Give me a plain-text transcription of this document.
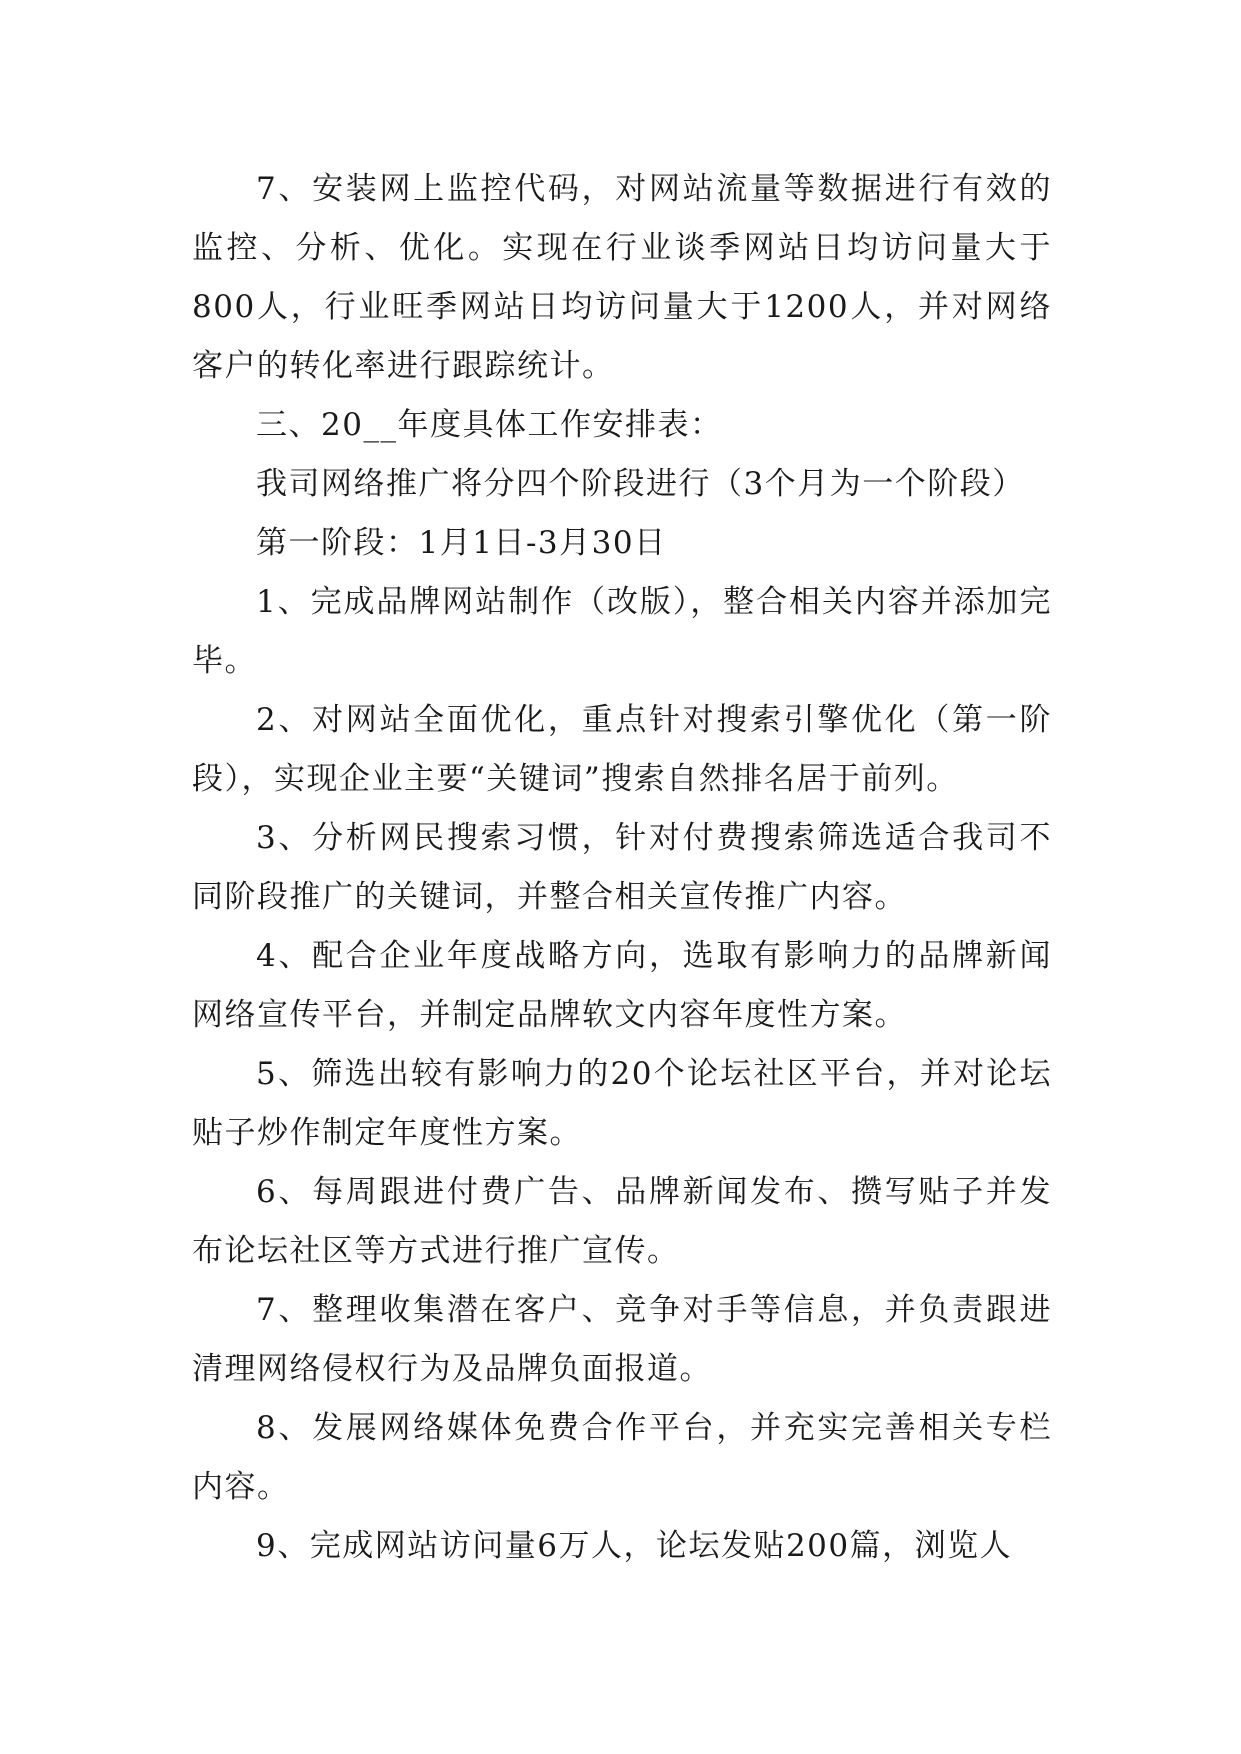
7、安装网上监控代码，对网站流量等数据进行有效的监控、分析、优化。实现在行业谈季网站日均访问量大于800人，行业旺季网站日均访问量大于1200人，并对网络客户的转化率进行跟踪统计。

三、20__年度具体工作安排表：

我司网络推广将分四个阶段进行（3个月为一个阶段）

第一阶段：1月1日-3月30日

1、完成品牌网站制作（改版），整合相关内容并添加完毕。

2、对网站全面优化，重点针对搜索引擎优化（第一阶段），实现企业主要“关键词”搜索自然排名居于前列。

3、分析网民搜索习惯，针对付费搜索筛选适合我司不同阶段推广的关键词，并整合相关宣传推广内容。

4、配合企业年度战略方向，选取有影响力的品牌新闻网络宣传平台，并制定品牌软文内容年度性方案。

5、筛选出较有影响力的20个论坛社区平台，并对论坛贴子炒作制定年度性方案。

6、每周跟进付费广告、品牌新闻发布、攒写贴子并发布论坛社区等方式进行推广宣传。

7、整理收集潜在客户、竞争对手等信息，并负责跟进清理网络侵权行为及品牌负面报道。

8、发展网络媒体免费合作平台，并充实完善相关专栏内容。

9、完成网站访问量6万人，论坛发贴200篇，浏览人
